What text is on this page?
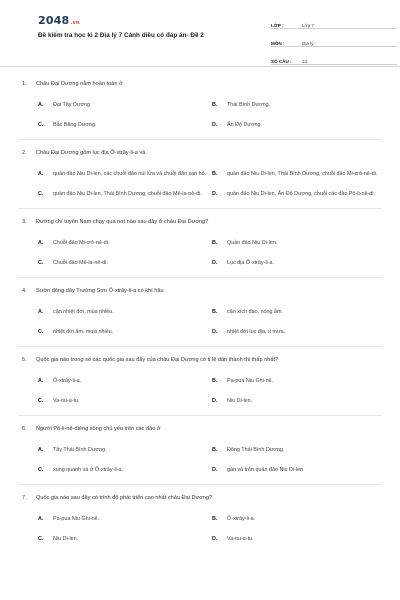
2048.vn
Đề kiểm tra học kì 2 Địa lý 7 Cánh diều có đáp án- Đề 2
LỚP :	Lớp 7
MÔN :	Địa lý
SỐ CÂU :	13
1.	Châu Đại Dương nằm hoàn toàn ở
A.	Đại Tây Dương.	B.	Thái Bình Dương.
C.	Bắc Băng Dương.	D.	Ấn Độ Dương.
2.	Châu Đại Dương gồm lục địa Ô-xtrây-li-a và
A.	quần đảo Niu Di-len, các chuỗi đảo núi lửa và chuỗi đảo san hô. B.	quần đảo Niu Di-len, Thái Bình Dương, chuỗi đảo Mi-crô-nê-di.
C.	quần đảo Niu Di-len, Thái Bình Dương, chuỗi đảo Mê-la-nê-di. D.	quần đảo Niu Di-len, Ấn Độ Dương, chuỗi các đảo Pô-li-nê-di.
3.	Đường chí tuyến Nam chạy qua nơi nào sau đây ở châu Đại Dương?
A.	Chuỗi đảo Mi-crô-nê-di.	B.	Quần đảo Niu Di-len.
C.	Chuỗi đảo Mê-la-nê-di.	D.	Lục địa Ô-xtrây-li-a.
4.	Sườn đông dãy Trường Sơn Ô-xtrây-li-a có khí hậu
A.	cận nhiệt đới, mùa nhiều.	B.	cận xích đạo, nóng ẩm.
C.	nhiệt đới ẩm, mưa nhiều.	D.	nhiệt đới lục địa, ít mưa.
5.	Quốc gia nào trong số các quốc gia sau đây của châu Đại Dương có tỉ lệ dân thành thị thấp nhất?
A.	Ô-xtrây-li-a.	B.	Pa-pua Niu Ghi-nê.
C.	Va-nu-a-tu.	D.	Niu Di-len.
6.	Người Pô-li-nê-diêng sống chủ yếu trên các đảo ở
A.	Tây Thái Bình Dương.	B.	Đông Thái Bình Dương.
C.	xung quanh và ở Ô-xtrây-li-a.	D.	gần và trên quần đảo Niu Di-len
7.	Quốc gia nào sau đây có trình độ phát triển cao nhất châu Đại Dương?
A.	Pa-pua Niu Ghi-nê.	B.	Ô-xtrây-li-a.
C.	Niu Di-len.	D.	Va-nu-a-tu.
